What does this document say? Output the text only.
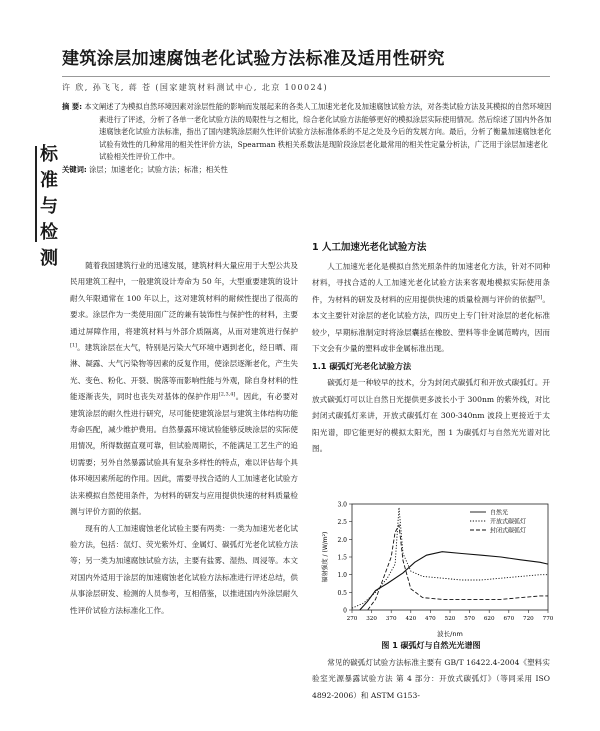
建筑涂层加速腐蚀老化试验方法标准及适用性研究
许 欣, 孙飞飞, 蒋 苍 (国家建筑材料测试中心, 北京 100024)
标
准
与
检
测

摘 要: 本文阐述了为模拟自然环境因素对涂层性能的影响而发展起来的各类人工加速光老化及加速腐蚀试验方法，对各类试验方法及其模拟的自然环境因素进行了评述，分析了各单一老化试验方法的局限性与之相比，综合老化试验方法能够更好的模拟涂层实际使用情况。然后综述了国内外各加速腐蚀老化试验方法标准，指出了国内建筑涂层耐久性评价试验方法标准体系的不足之处及今后的发展方向。最后，分析了衡量加速腐蚀老化试验有效性的几种常用的相关性评价方法，Spearman 秩相关系数法是现阶段涂层老化最常用的相关性定量分析法，广泛用于涂层加速老化试验相关性评价工作中。

关键词: 涂层；加速老化；试验方法；标准；相关性

随着我国建筑行业的迅速发展，建筑材料大量应用于大型公共及民用建筑工程中，一般建筑设计寿命为 50 年，大型重要建筑的设计耐久年限通常在 100 年以上，这对建筑材料的耐候性提出了很高的要求。涂层作为一类使用面广泛的兼有装饰性与保护性的材料，主要通过屏障作用，将建筑材料与外部介质隔离，从而对建筑进行保护[1]。建筑涂层在大气，特别是污染大气环境中遇到老化，经日晒、雨淋、凝露、大气污染物等因素的反复作用，使涂层逐渐老化，产生失光、变色、粉化、开裂、脱落等而影响性能与外观，除自身材料的性能逐渐丧失，同时也丧失对基体的保护作用[2,3,4]。因此，有必要对建筑涂层的耐久性进行研究，尽可能使建筑涂层与建筑主体结构功能寿命匹配，减少维护费用。自然暴露环境试验能够反映涂层的实际使用情况，所得数据直观可靠，但试验周期长，不能满足工艺生产的追切需要；另外自然暴露试验具有复杂多样性的特点，难以评估每个具体环境因素所起的作用。因此，需要寻找合适的人工加速老化试验方法来模拟自然使用条件，为材料的研发与应用提供快速的材料质量检测与评价方面的依据。

现有的人工加速腐蚀老化试验主要有两类：一类为加速光老化试验方法，包括：氙灯、荧光紫外灯、金属灯、碳弧灯光老化试验方法等；另一类为加速腐蚀试验方法，主要有盐雾、湿热、周浸等。本文对国内外适用于涂层的加速腐蚀老化试验方法标准进行评述总结，供从事涂层研发、检测的人员参考，互相借鉴，以推进国内外涂层耐久性评价试验方法标准化工作。

1 人工加速光老化试验方法

人工加速光老化是模拟自然光照条件的加速老化方法，针对不同种材料，寻找合适的人工加速光老化试验方法来客观地模拟实际使用条件，为材料的研发及材料的应用提供快速的质量检测与评价的依据[5]。本文主要针对涂层的老化试验方法，四历史上专门针对涂层的老化标准较少，早期标准制定时将涂层囊括在橡胶、塑料等非金属范畴内，因而下文会有少量的塑料或非金属标准出现。

1.1 碳弧灯光老化试验方法

碳弧灯是一种较早的技术，分为封闭式碳弧灯和开放式碳弧灯。开放式碳弧灯可以让自然日光提供更多波长小于 300nm 的紫外线，对比封闭式碳弧灯来讲，开放式碳弧灯在 300-340nm 波段上更接近于太阳光谱，即它能更好的模拟太阳光，图 1 为碳弧灯与自然光光谱对比图。

0
0.5
1.0
1.5
2.0
2.5
3.0
270 320 370 420 470 520 570 620 670 720 770
波长/nm
辐射强度 / (W/m²)
自然光
开放式碳弧灯
封闭式碳弧灯
图 1 碳弧灯与自然光光谱图

常见的碳弧灯试验方法标准主要有 GB/T 16422.4-2004《塑料实验室光源暴露试验方法 第 4 部分：开放式碳弧灯》（等同采用 ISO 4892-2006）和 ASTM G153-
